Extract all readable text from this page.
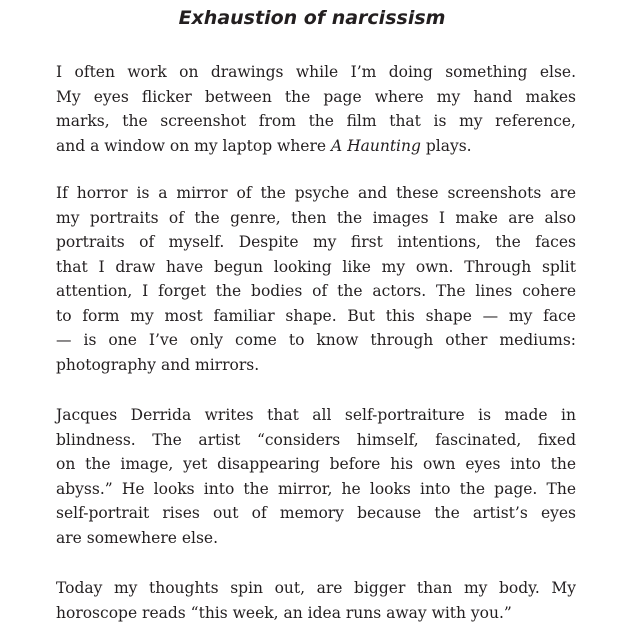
Exhaustion of narcissism
I often work on drawings while I’m doing something else.
My eyes flicker between the page where my hand makes
marks, the screenshot from the film that is my reference,
and a window on my laptop where A Haunting plays.
If horror is a mirror of the psyche and these screenshots are
my portraits of the genre, then the images I make are also
portraits of myself. Despite my first intentions, the faces
that I draw have begun looking like my own. Through split
attention, I forget the bodies of the actors. The lines cohere
to form my most familiar shape. But this shape — my face
— is one I’ve only come to know through other mediums:
photography and mirrors.
Jacques Derrida writes that all self-portraiture is made in
blindness. The artist “considers himself, fascinated, fixed
on the image, yet disappearing before his own eyes into the
abyss.” He looks into the mirror, he looks into the page. The
self-portrait rises out of memory because the artist’s eyes
are somewhere else.
Today my thoughts spin out, are bigger than my body. My
horoscope reads “this week, an idea runs away with you.”
